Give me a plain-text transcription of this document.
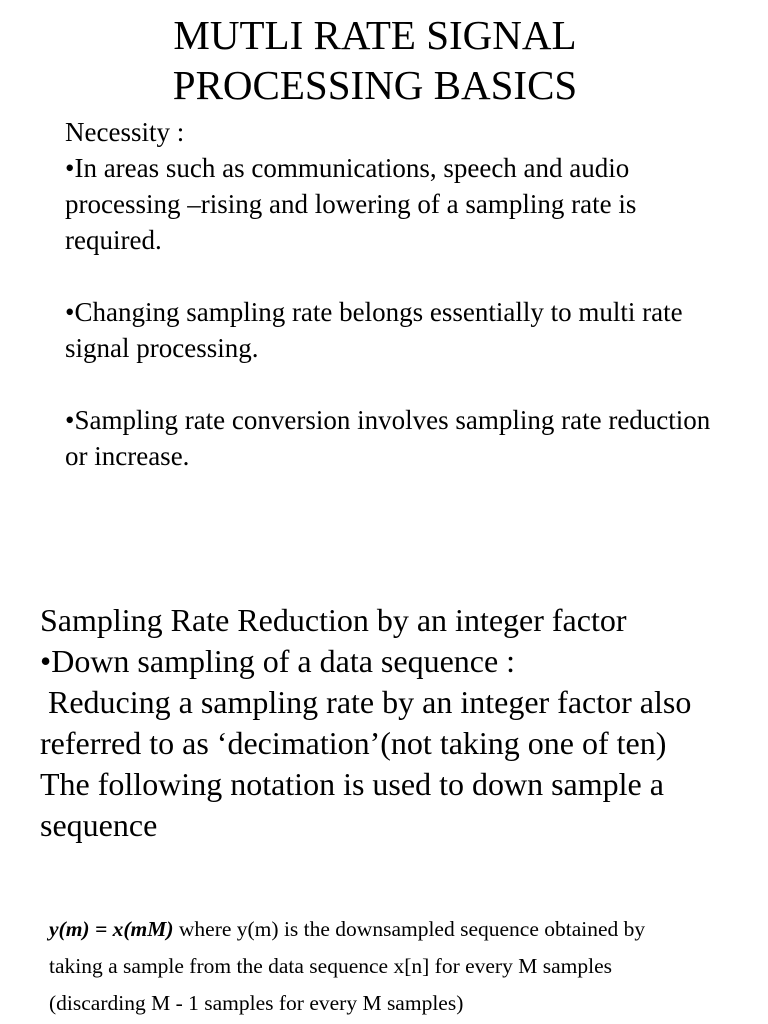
MUTLI RATE SIGNAL
PROCESSING BASICS

Necessity :

•In areas such as communications, speech and audio processing –rising and lowering of a sampling rate is required.

•Changing sampling rate belongs essentially to multi rate signal processing.

•Sampling rate conversion involves sampling rate reduction or increase.

Sampling Rate Reduction by an integer factor

•Down sampling of a data sequence :

Reducing a sampling rate by an integer factor also referred to as ‘decimation’(not taking one of ten)

The following notation is used to down sample a sequence

y(m) = x(mM) where y(m) is the downsampled sequence obtained by

taking a sample from the data sequence x[n] for every M samples

(discarding M - 1 samples for every M samples)
